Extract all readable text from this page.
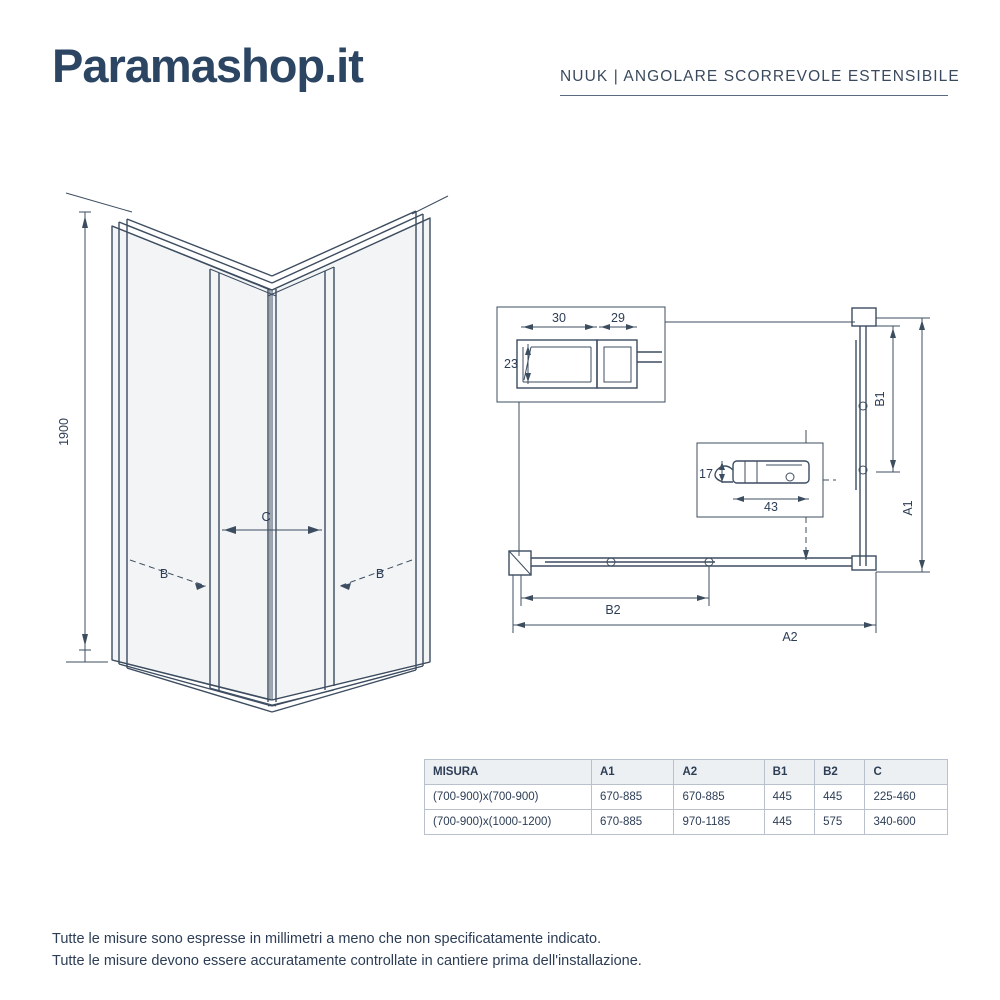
Paramashop.it	NUUK | ANGOLARE SCORREVOLE ESTENSIBILE
C
B	B
1900
30	29
23
17
43
B1
A1
B2
A2
MISURA	A1	A2	B1	B2	C
(700-900)x(700-900)	670-885	670-885	445	445	225-460
(700-900)x(1000-1200)	670-885	970-1185	445	575	340-600
Tutte le misure sono espresse in millimetri a meno che non specificatamente indicato.
Tutte le misure devono essere accuratamente controllate in cantiere prima dell'installazione.
